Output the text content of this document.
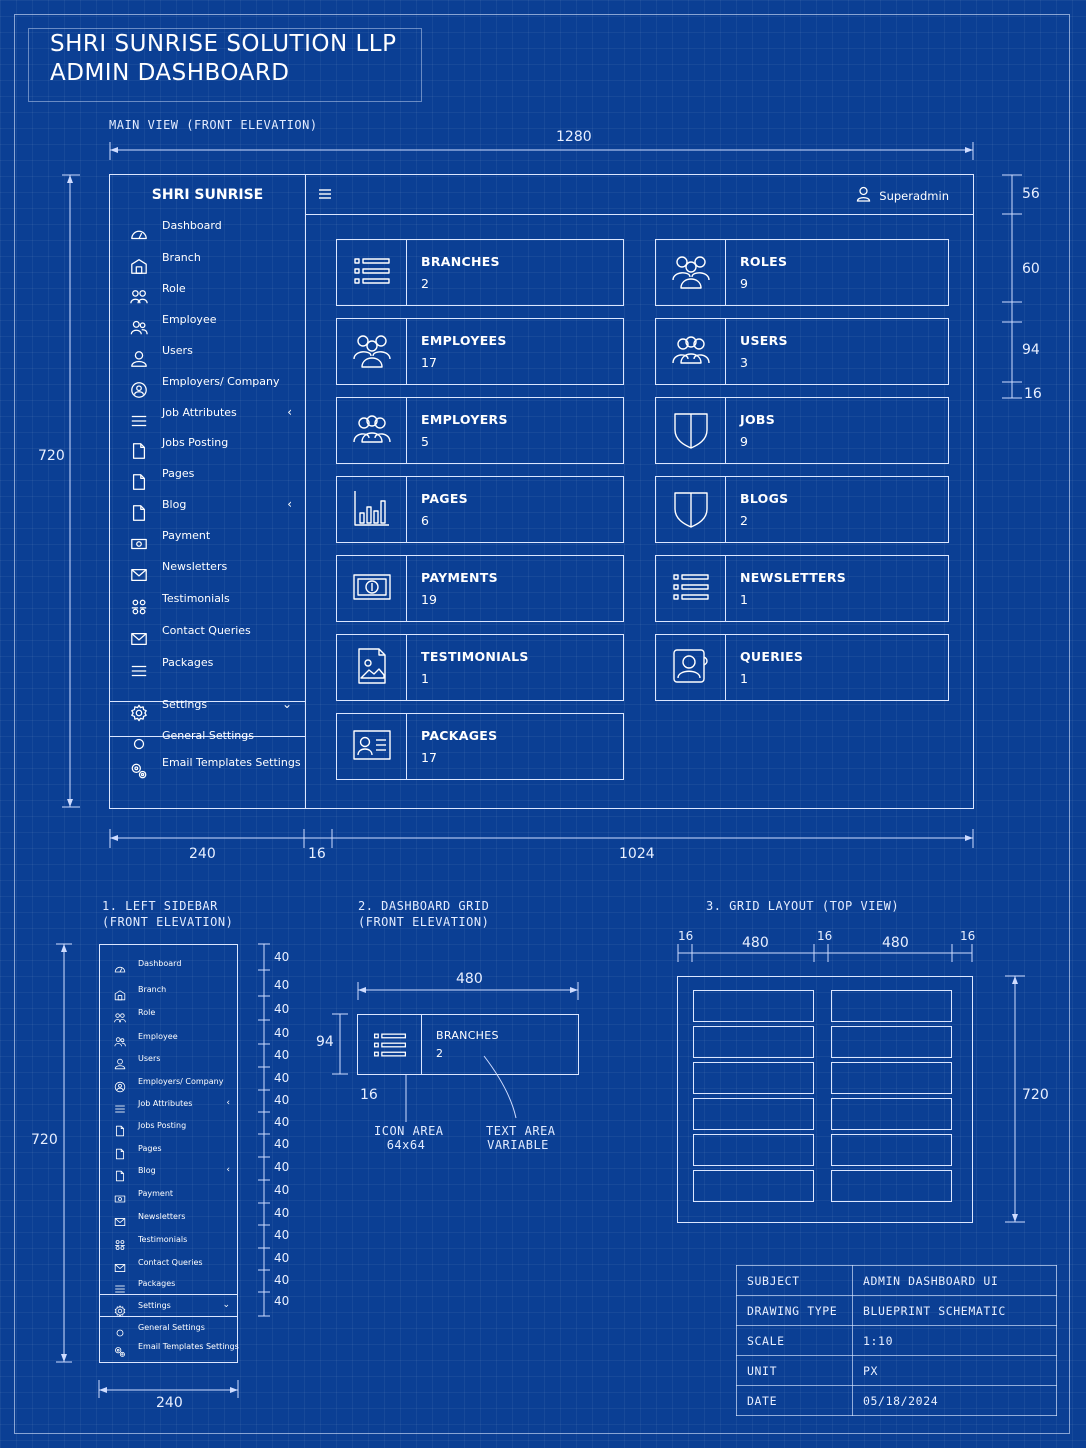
SHRI SUNRISE SOLUTION LLP
ADMIN DASHBOARD
MAIN VIEW (FRONT ELEVATION)
1280
720
56
60
94
16
240	16	1024
SHRI SUNRISE	Superadmin
Dashboard
Branch
Role
Employee
Users
Employers/ Company
Job Attributes	‹
Jobs Posting
Pages
Blog	‹
Payment
Newsletters
Testimonials
Contact Queries
Packages
Settings	⌄
General Settings
Email Templates Settings
BRANCHES
2
ROLES
9
EMPLOYEES
17
USERS
3
EMPLOYERS
5
JOBS
9
PAGES
6
BLOGS
2
PAYMENTS
19
NEWSLETTERS
1
TESTIMONIALS
1
QUERIES
1
PACKAGES
17
1. LEFT SIDEBAR
(FRONT ELEVATION)
Dashboard
Branch
Role
Employee
Users
Employers/ Company
Job Attributes	‹
Jobs Posting
Pages
Blog	‹
Payment
Newsletters
Testimonials
Contact Queries
Packages
Settings	⌄
General Settings
Email Templates Settings
720
240
40
40
40
40
40
40
40
40
40
40
40
40
40
40
40
40
2. DASHBOARD GRID
(FRONT ELEVATION)
480
94
16
BRANCHES
2
ICON AREA
64x64
TEXT AREA
VARIABLE
3. GRID LAYOUT (TOP VIEW)
16	480	16	480	16
720
SUBJECT	ADMIN DASHBOARD UI
DRAWING TYPE	BLUEPRINT SCHEMATIC
SCALE	1:10
UNIT	PX
DATE	05/18/2024
